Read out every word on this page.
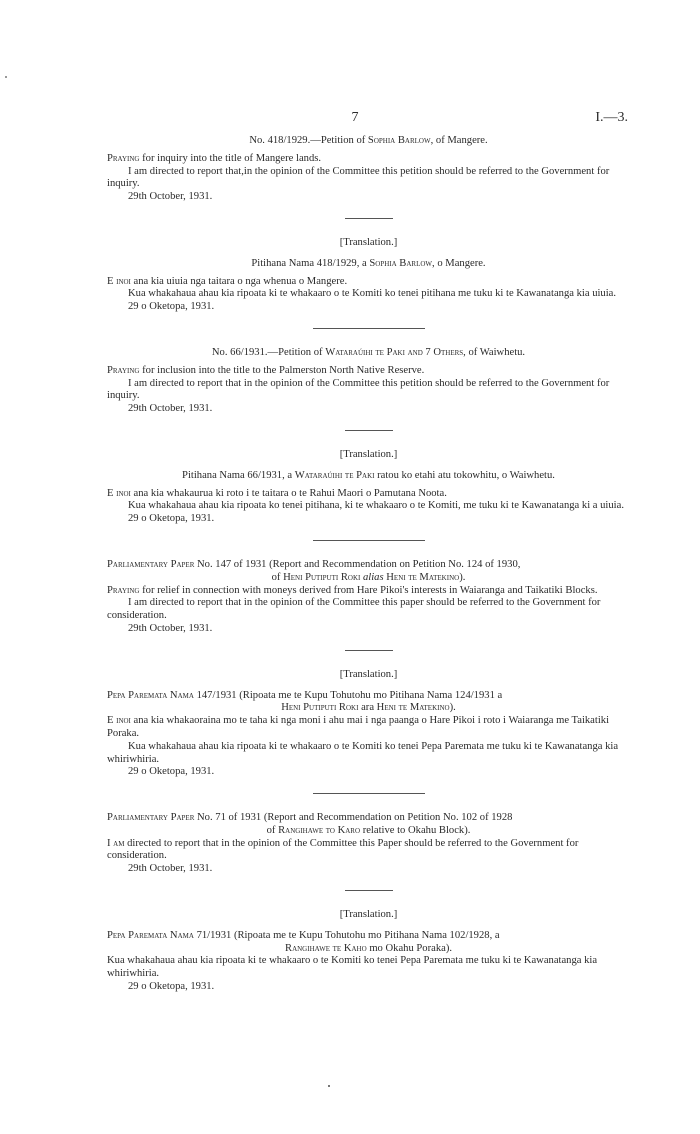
7	I.—3.

No. 418/1929.—Petition of Sophia Barlow, of Mangere.

Praying for inquiry into the title of Mangere lands.

I am directed to report that,in the opinion of the Committee this petition should be referred to the Government for inquiry.

29th October, 1931.

[Translation.]

Pitihana Nama 418/1929, a Sophia Barlow, o Mangere.

E inoi ana kia uiuia nga taitara o nga whenua o Mangere.

Kua whakahaua ahau kia ripoata ki te whakaaro o te Komiti ko tenei pitihana me tuku ki te Kawanatanga kia uiuia.

29 o Oketopa, 1931.

No. 66/1931.—Petition of Wataraúihi te Paki and 7 Others, of Waiwhetu.

Praying for inclusion into the title to the Palmerston North Native Reserve.

I am directed to report that in the opinion of the Committee this petition should be referred to the Government for inquiry.

29th October, 1931.

[Translation.]

Pitihana Nama 66/1931, a Wataraúihi te Paki ratou ko etahi atu tokowhitu, o Waiwhetu.

E inoi ana kia whakaurua ki roto i te taitara o te Rahui Maori o Pamutana Noota.

Kua whakahaua ahau kia ripoata ko tenei pitihana, ki te whakaaro o te Komiti, me tuku ki te Kawanatanga ki a uiuia.

29 o Oketopa, 1931.

Parliamentary Paper No. 147 of 1931 (Report and Recommendation on Petition No. 124 of 1930,

of Heni Putiputi Roki alias Heni te Matekino).

Praying for relief in connection with moneys derived from Hare Pikoi's interests in Waiaranga and Taikatiki Blocks.

I am directed to report that in the opinion of the Committee this paper should be referred to the Government for consideration.

29th October, 1931.

[Translation.]

Pepa Paremata Nama 147/1931 (Ripoata me te Kupu Tohutohu mo Pitihana Nama 124/1931 a

Heni Putiputi Roki ara Heni te Matekino).

E inoi ana kia whakaoraina mo te taha ki nga moni i ahu mai i nga paanga o Hare Pikoi i roto i Waiaranga me Taikatiki Poraka.

Kua whakahaua ahau kia ripoata ki te whakaaro o te Komiti ko tenei Pepa Paremata me tuku ki te Kawanatanga kia whiriwhiria.

29 o Oketopa, 1931.

Parliamentary Paper No. 71 of 1931 (Report and Recommendation on Petition No. 102 of 1928

of Rangihawe to Karo relative to Okahu Block).

I am directed to report that in the opinion of the Committee this Paper should be referred to the Government for consideration.

29th October, 1931.

[Translation.]

Pepa Paremata Nama 71/1931 (Ripoata me te Kupu Tohutohu mo Pitihana Nama 102/1928, a

Rangihawe te Kaho mo Okahu Poraka).

Kua whakahaua ahau kia ripoata ki te whakaaro o te Komiti ko tenei Pepa Paremata me tuku ki te Kawanatanga kia whiriwhiria.

29 o Oketopa, 1931.
